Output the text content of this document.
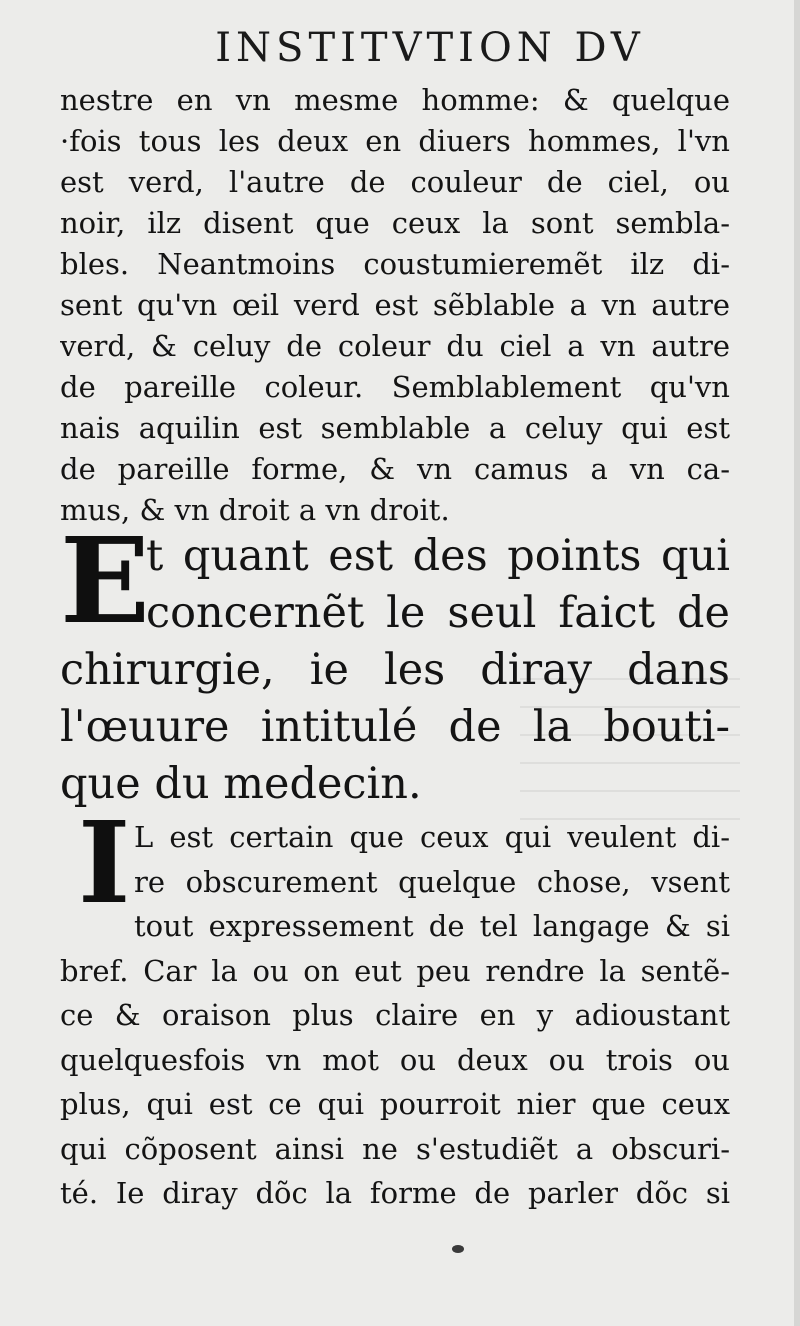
INSTITVTION DV
nestre en vn mesme homme: & quelque
·fois tous les deux en diuers hommes, l'vn
est verd, l'autre de couleur de ciel, ou
noir, ilz disent que ceux la sont sembla-
bles. Neantmoins coustumieremẽt ilz di-
sent qu'vn œil verd est sẽblable a vn autre
verd, & celuy de coleur du ciel a vn autre
de pareille coleur. Semblablement qu'vn
nais aquilin est semblable a celuy qui est
de pareille forme, & vn camus a vn ca-
mus, & vn droit a vn droit.
E
t quant est des points qui
concernẽt le seul faict de
chirurgie, ie les diray dans
l'œuure intitulé de la bouti-
que du medecin.
I L est certain que ceux qui veulent di-
re obscurement quelque chose, vsent
tout expressement de tel langage & si
bref. Car la ou on eut peu rendre la sentẽ-
ce & oraison plus claire en y adioustant
quelquesfois vn mot ou deux ou trois ou
plus, qui est ce qui pourroit nier que ceux
qui cõposent ainsi ne s'estudiẽt a obscuri-
té. Ie diray dõc la forme de parler dõc si
